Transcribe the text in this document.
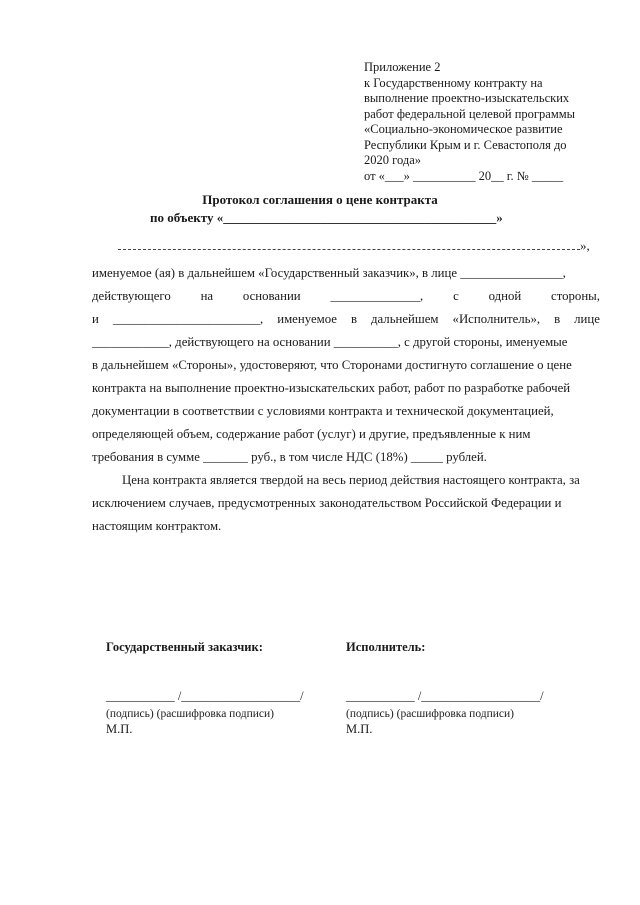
Приложение 2
к Государственному контракту на
выполнение проектно-изыскательских
работ федеральной целевой программы
«Социально-экономическое развитие
Республики Крым и г. Севастополя до
2020 года»
от «___» __________ 20__ г. № _____
Протокол соглашения о цене контракта
по объекту «__________________________________________»
»,
именуемое (ая) в дальнейшем «Государственный заказчик», в лице ________________,
действующего на основании ______________, с одной стороны,
и _______________________, именуемое в дальнейшем «Исполнитель», в лице
____________, действующего на основании __________, с другой стороны, именуемые
в дальнейшем «Стороны», удостоверяют, что Сторонами достигнуто соглашение о цене
контракта на выполнение проектно-изыскательских работ, работ по разработке рабочей
документации в соответствии с условиями контракта и технической документацией,
определяющей объем, содержание работ (услуг) и другие, предъявленные к ним
требования в сумме _______ руб., в том числе НДС (18%) _____ рублей.
Цена контракта является твердой на весь период действия настоящего контракта, за
исключением случаев, предусмотренных законодательством Российской Федерации и
настоящим контрактом.
Государственный заказчик:
___________ /___________________/
(подпись) (расшифровка подписи)
М.П.
Исполнитель:
___________ /___________________/
(подпись) (расшифровка подписи)
М.П.
